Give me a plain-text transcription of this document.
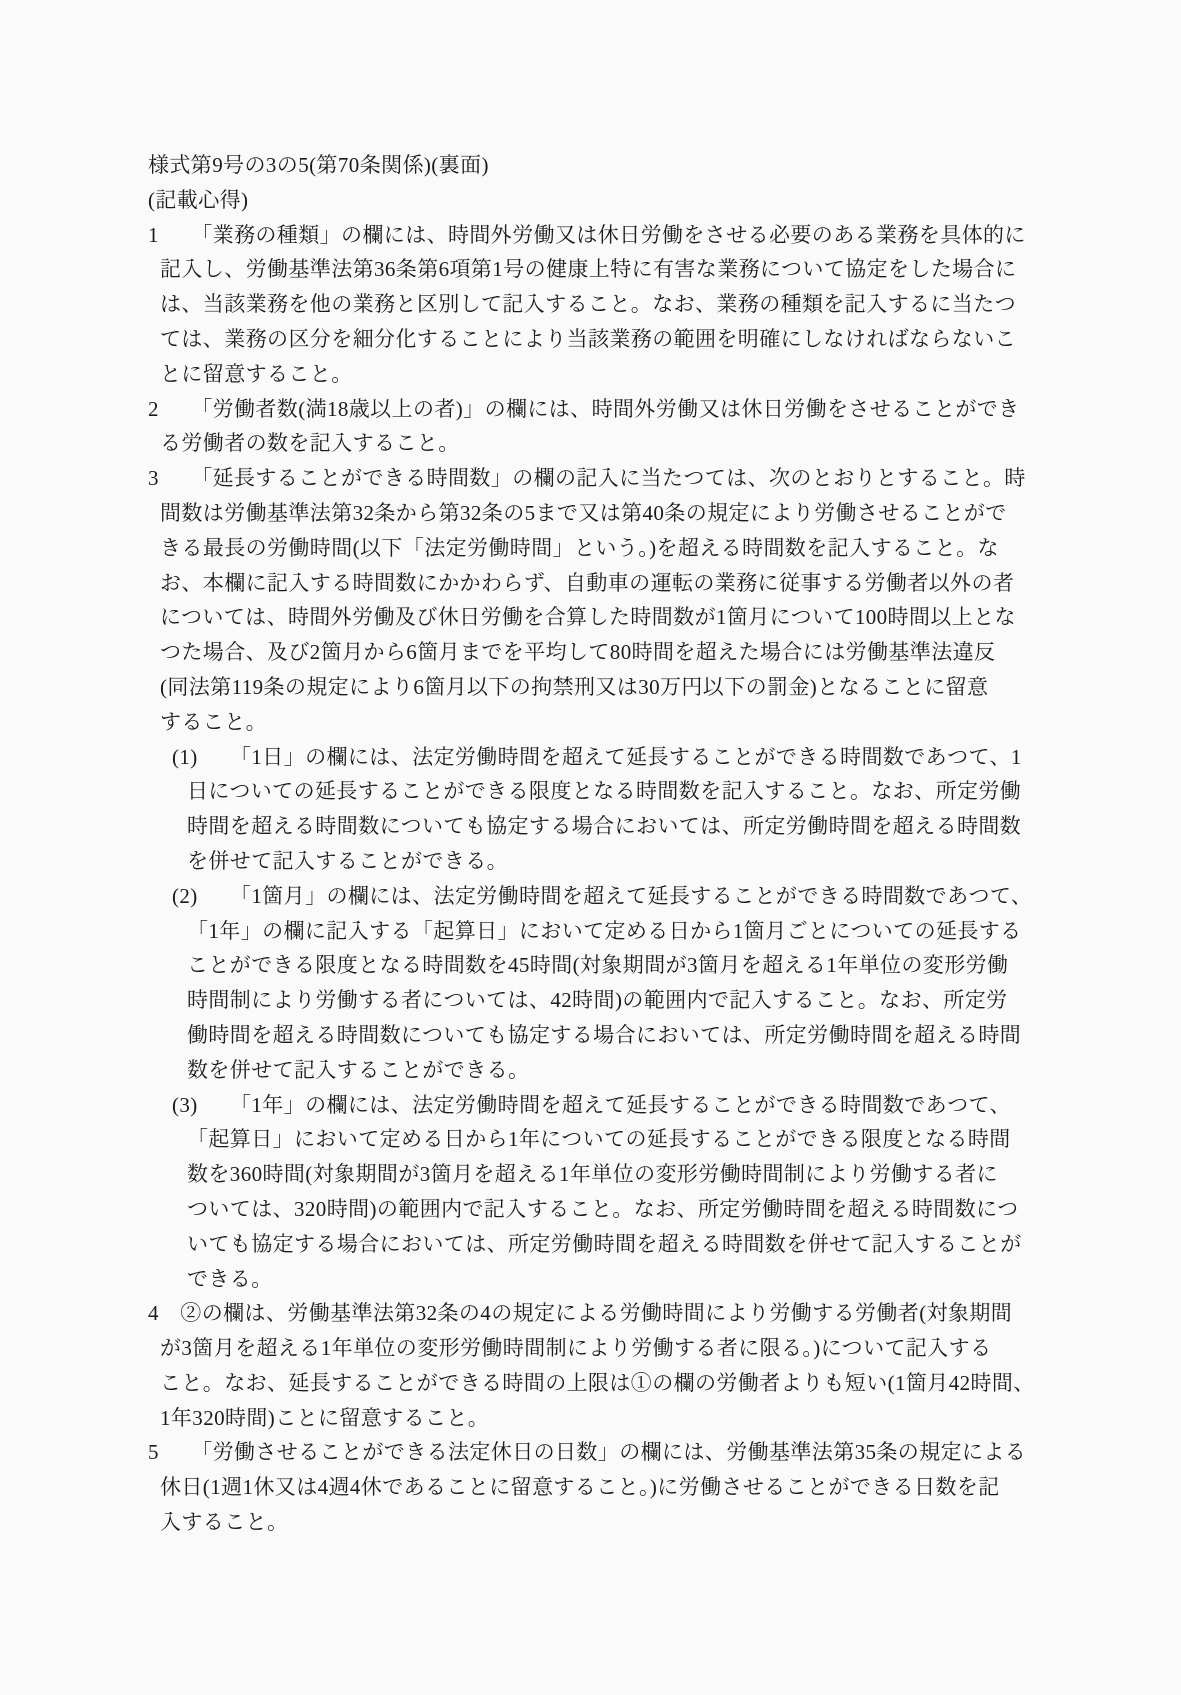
様式第9号の3の5(第70条関係)(裏面)
(記載心得)
1　　「業務の種類」の欄には、時間外労働又は休日労働をさせる必要のある業務を具体的に
記入し、労働基準法第36条第6項第1号の健康上特に有害な業務について協定をした場合に
は、当該業務を他の業務と区別して記入すること。なお、業務の種類を記入するに当たつ
ては、業務の区分を細分化することにより当該業務の範囲を明確にしなければならないこ
とに留意すること。
2　　「労働者数(満18歳以上の者)」の欄には、時間外労働又は休日労働をさせることができ
る労働者の数を記入すること。
3　　「延長することができる時間数」の欄の記入に当たつては、次のとおりとすること。時
間数は労働基準法第32条から第32条の5まで又は第40条の規定により労働させることがで
きる最長の労働時間(以下「法定労働時間」という。)を超える時間数を記入すること。な
お、本欄に記入する時間数にかかわらず、自動車の運転の業務に従事する労働者以外の者
については、時間外労働及び休日労働を合算した時間数が1箇月について100時間以上とな
つた場合、及び2箇月から6箇月までを平均して80時間を超えた場合には労働基準法違反
(同法第119条の規定により6箇月以下の拘禁刑又は30万円以下の罰金)となることに留意
すること。
(1)　　「1日」の欄には、法定労働時間を超えて延長することができる時間数であつて、1
日についての延長することができる限度となる時間数を記入すること。なお、所定労働
時間を超える時間数についても協定する場合においては、所定労働時間を超える時間数
を併せて記入することができる。
(2)　　「1箇月」の欄には、法定労働時間を超えて延長することができる時間数であつて、
「1年」の欄に記入する「起算日」において定める日から1箇月ごとについての延長する
ことができる限度となる時間数を45時間(対象期間が3箇月を超える1年単位の変形労働
時間制により労働する者については、42時間)の範囲内で記入すること。なお、所定労
働時間を超える時間数についても協定する場合においては、所定労働時間を超える時間
数を併せて記入することができる。
(3)　　「1年」の欄には、法定労働時間を超えて延長することができる時間数であつて、
「起算日」において定める日から1年についての延長することができる限度となる時間
数を360時間(対象期間が3箇月を超える1年単位の変形労働時間制により労働する者に
ついては、320時間)の範囲内で記入すること。なお、所定労働時間を超える時間数につ
いても協定する場合においては、所定労働時間を超える時間数を併せて記入することが
できる。
4　②の欄は、労働基準法第32条の4の規定による労働時間により労働する労働者(対象期間
が3箇月を超える1年単位の変形労働時間制により労働する者に限る。)について記入する
こと。なお、延長することができる時間の上限は①の欄の労働者よりも短い(1箇月42時間、
1年320時間)ことに留意すること。
5　　「労働させることができる法定休日の日数」の欄には、労働基準法第35条の規定による
休日(1週1休又は4週4休であることに留意すること。)に労働させることができる日数を記
入すること。
